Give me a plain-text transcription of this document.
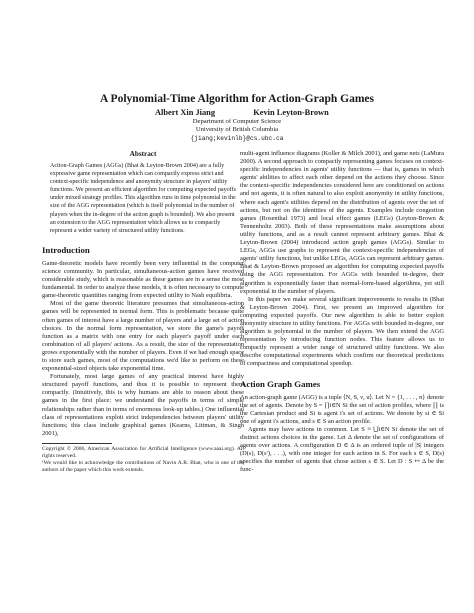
A Polynomial-Time Algorithm for Action-Graph Games
Albert Xin Jiang	Kevin Leyton-Brown
Department of Computer Science
University of British Columbia
{jiang;kevinlb}@cs.ubc.ca
Abstract
Action-Graph Games (AGGs) (Bhat & Leyton-Brown 2004) are a fully expressive game representation which can compactly express strict and context-specific independence and anonymity structure in players' utility functions. We present an efficient algorithm for computing expected payoffs under mixed strategy profiles. This algorithm runs in time polynomial in the size of the AGG representation (which is itself polynomial in the number of players when the in-degree of the action graph is bounded). We also present an extension to the AGG representation which allows us to compactly represent a wider variety of structured utility functions.
Introduction

Game-theoretic models have recently been very influential in the computer science community. In particular, simultaneous-action games have received considerable study, which is reasonable as these games are in a sense the most fundamental. In order to analyze these models, it is often necessary to compute game-theoretic quantities ranging from expected utility to Nash equilibria.

Most of the game theoretic literature presumes that simultaneous-action games will be represented in normal form. This is problematic because quite often games of interest have a large number of players and a large set of action choices. In the normal form representation, we store the game's payoff function as a matrix with one entry for each player's payoff under each combination of all players' actions. As a result, the size of the representation grows exponentially with the number of players. Even if we had enough space to store such games, most of the computations we'd like to perform on these exponential-sized objects take exponential time.

Fortunately, most large games of any practical interest have highly structured payoff functions, and thus it is possible to represent them compactly. (Intuitively, this is why humans are able to reason about these games in the first place: we understand the payoffs in terms of simple relationships rather than in terms of enormous look-up tables.) One influential class of representations exploit strict independencies between players' utility functions; this class include graphical games (Kearns, Littman, & Singh 2001),

Copyright © 2006, American Association for Artificial Intelligence (www.aaai.org). All rights reserved.
¹We would like to acknowledge the contributions of Navin A.R. Bhat, who is one of the authors of the paper which this work extends.

multi-agent influence diagrams (Koller & Milch 2001), and game nets (LaMura 2000). A second approach to compactly representing games focuses on context-specific independencies in agents' utility functions — that is, games in which agents' abilities to affect each other depend on the actions they choose. Since the context-specific independencies considered here are conditioned on actions and not agents, it is often natural to also exploit anonymity in utility functions, where each agent's utilities depend on the distribution of agents over the set of actions, but not on the identities of the agents. Examples include congestion games (Rosenthal 1973) and local effect games (LEGs) (Leyton-Brown & Tennenholtz 2003). Both of these representations make assumptions about utility functions, and as a result cannot represent arbitrary games. Bhat & Leyton-Brown (2004) introduced action graph games (AGGs). Similar to LEGs, AGGs use graphs to represent the context-specific independencies of agents' utility functions, but unlike LEGs, AGGs can represent arbitrary games. Bhat & Leyton-Brown proposed an algorithm for computing expected payoffs using the AGG representation. For AGGs with bounded in-degree, their algorithm is exponentially faster than normal-form-based algorithms, yet still exponential in the number of players.

In this paper we make several significant improvements to results in (Bhat & Leyton-Brown 2004). First, we present an improved algorithm for computing expected payoffs. Our new algorithm is able to better exploit anonymity structure in utility functions. For AGGs with bounded in-degree, our algorithm is polynomial in the number of players. We then extend the AGG representation by introducing function nodes. This feature allows us to compactly represent a wider range of structured utility functions. We also describe computational experiments which confirm our theoretical predictions of compactness and computational speedup.

Action Graph Games

An action-graph game (AGG) is a tuple ⟨N, S, ν, u⟩. Let N = {1, . . . , n} denote the set of agents. Denote by S = ∏i∈N Si the set of action profiles, where ∏ is the Cartesian product and Si is agent i's set of actions. We denote by si ∈ Si one of agent i's actions, and s ∈ S an action profile.

Agents may have actions in common. Let S ≡ ⋃i∈N Si denote the set of distinct actions choices in the game. Let Δ denote the set of configurations of agents over actions. A configuration D ∈ Δ is an ordered tuple of |S| integers (D(s), D(s′), . . .), with one integer for each action in S. For each s ∈ S, D(s) specifies the number of agents that chose action s ∈ S. Let D : S ↦ Δ be the func-
